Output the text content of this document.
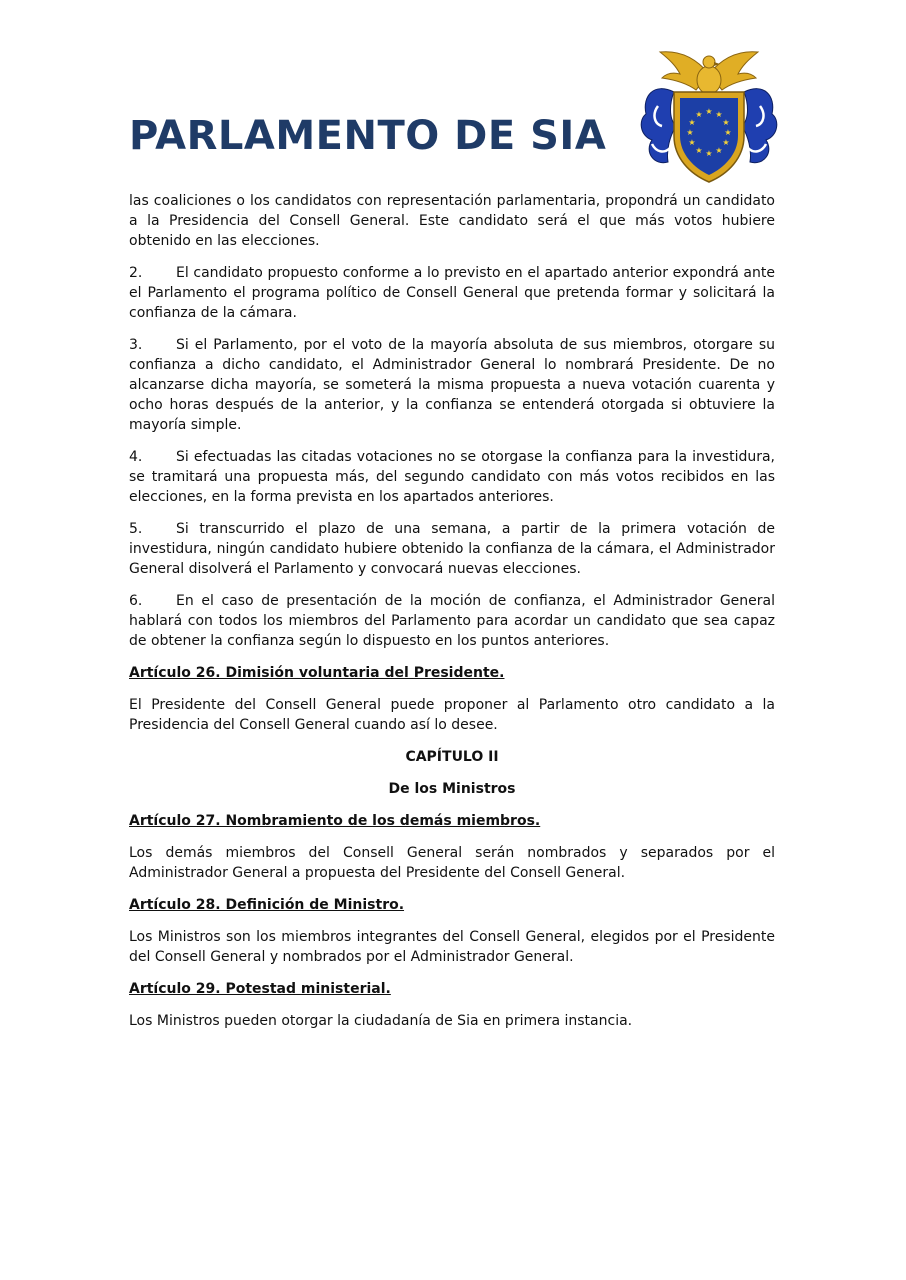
PARLAMENTO DE SIA
★ ★
★
★
★
★
★
★
★
★
★
★

las coaliciones o los candidatos con representación parlamentaria, propondrá un candidato a la Presidencia del Consell General. Este candidato será el que más votos hubiere obtenido en las elecciones.

2. El candidato propuesto conforme a lo previsto en el apartado anterior expondrá ante el Parlamento el programa político de Consell General que pretenda formar y solicitará la confianza de la cámara.

3. Si el Parlamento, por el voto de la mayoría absoluta de sus miembros, otorgare su confianza a dicho candidato, el Administrador General lo nombrará Presidente. De no alcanzarse dicha mayoría, se someterá la misma propuesta a nueva votación cuarenta y ocho horas después de la anterior, y la confianza se entenderá otorgada si obtuviere la mayoría simple.

4. Si efectuadas las citadas votaciones no se otorgase la confianza para la investidura, se tramitará una propuesta más, del segundo candidato con más votos recibidos en las elecciones, en la forma prevista en los apartados anteriores.

5. Si transcurrido el plazo de una semana, a partir de la primera votación de investidura, ningún candidato hubiere obtenido la confianza de la cámara, el Administrador General disolverá el Parlamento y convocará nuevas elecciones.

6. En el caso de presentación de la moción de confianza, el Administrador General hablará con todos los miembros del Parlamento para acordar un candidato que sea capaz de obtener la confianza según lo dispuesto en los puntos anteriores.

Artículo 26. Dimisión voluntaria del Presidente.

El Presidente del Consell General puede proponer al Parlamento otro candidato a la Presidencia del Consell General cuando así lo desee.

CAPÍTULO II

De los Ministros

Artículo 27. Nombramiento de los demás miembros.

Los demás miembros del Consell General serán nombrados y separados por el Administrador General a propuesta del Presidente del Consell General.

Artículo 28. Definición de Ministro.

Los Ministros son los miembros integrantes del Consell General, elegidos por el Presidente del Consell General y nombrados por el Administrador General.

Artículo 29. Potestad ministerial.

Los Ministros pueden otorgar la ciudadanía de Sia en primera instancia.
